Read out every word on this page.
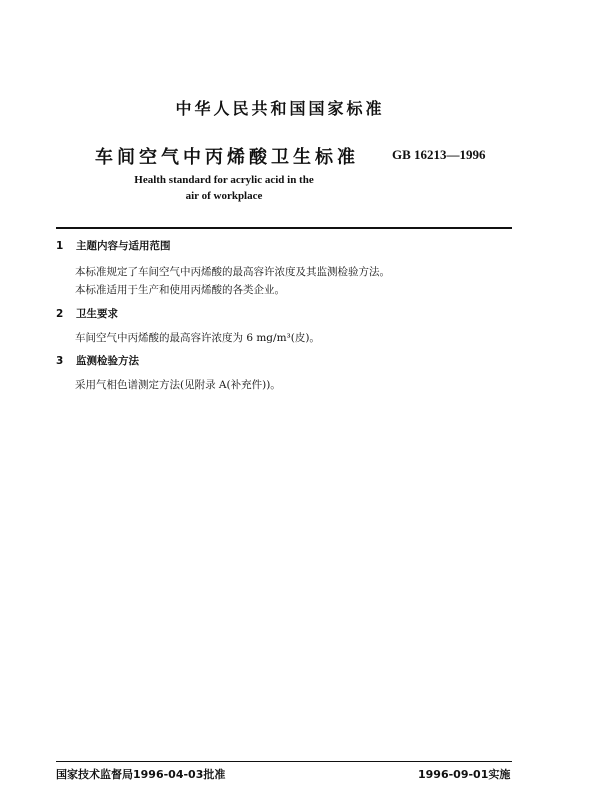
中华人民共和国国家标准
车间空气中丙烯酸卫生标准	GB 16213—1996
Health standard for acrylic acid in the
air of workplace
1 主题内容与适用范围
本标准规定了车间空气中丙烯酸的最高容许浓度及其监测检验方法。
本标准适用于生产和使用丙烯酸的各类企业。
2 卫生要求
车间空气中丙烯酸的最高容许浓度为 6 mg/m³(皮)。
3 监测检验方法
采用气相色谱测定方法(见附录 A(补充件))。
国家技术监督局1996-04-03批准	1996-09-01实施
